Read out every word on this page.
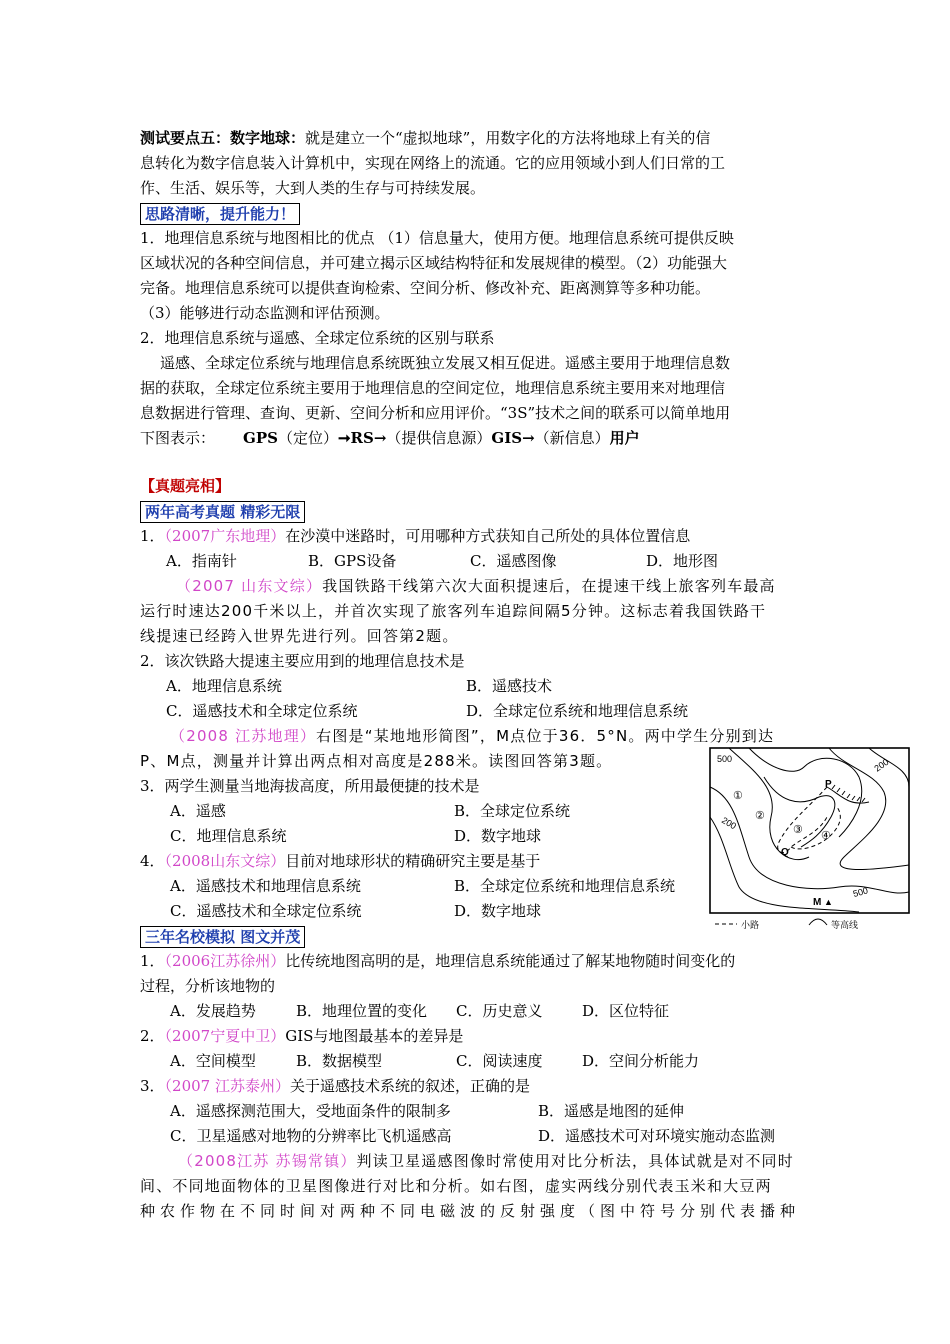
测试要点五：数字地球：就是建立一个“虚拟地球”，用数字化的方法将地球上有关的信
息转化为数字信息装入计算机中，实现在网络上的流通。它的应用领域小到人们日常的工
作、生活、娱乐等，大到人类的生存与可持续发展。
思路清晰，提升能力！
1．地理信息系统与地图相比的优点 （1）信息量大，使用方便。地理信息系统可提供反映
区域状况的各种空间信息，并可建立揭示区域结构特征和发展规律的模型。（2）功能强大
完备。地理信息系统可以提供查询检索、空间分析、修改补充、距离测算等多种功能。
（3）能够进行动态监测和评估预测。
2．地理信息系统与遥感、全球定位系统的区别与联系
遥感、全球定位系统与地理信息系统既独立发展又相互促进。遥感主要用于地理信息数
据的获取，全球定位系统主要用于地理信息的空间定位，地理信息系统主要用来对地理信
息数据进行管理、查询、更新、空间分析和应用评价。“3S”技术之间的联系可以简单地用
下图表示： GPS（定位）➞RS→（提供信息源）GIS→（新信息）用户
【真题亮相】
两年高考真题 精彩无限
1．（2007广东地理）在沙漠中迷路时，可用哪种方式获知自己所处的具体位置信息
A．指南针	B．GPS设备	C．遥感图像	D．地形图
（2007 山东文综）我国铁路干线第六次大面积提速后，在提速干线上旅客列车最高
运行时速达200千米以上，并首次实现了旅客列车追踪间隔5分钟。这标志着我国铁路干
线提速已经跨入世界先进行列。回答第2题。
2．该次铁路大提速主要应用到的地理信息技术是
A．地理信息系统	B．遥感技术
C．遥感技术和全球定位系统	D．全球定位系统和地理信息系统
（2008 江苏地理）右图是“某地地形简图”，M点位于36．5°N。两中学生分别到达
P、M点，测量并计算出两点相对高度是288米。读图回答第3题。
3．两学生测量当地海拔高度，所用最便捷的技术是
A．遥感	B．全球定位系统
C．地理信息系统	D．数字地球
4．（2008山东文综）目前对地球形状的精确研究主要是基于
A．遥感技术和地理信息系统	B．全球定位系统和地理信息系统
C．遥感技术和全球定位系统	D．数字地球
三年名校模拟 图文并茂
1．（2006江苏徐州）比传统地图高明的是，地理信息系统能通过了解某地物随时间变化的
过程，分析该地物的
A．发展趋势	B．地理位置的变化 C．历史意义	D．区位特征
2．（2007宁夏中卫）GIS与地图最基本的差异是
A．空间模型	B．数据模型	C．阅读速度	D．空间分析能力
3．（2007 江苏泰州）关于遥感技术系统的叙述，正确的是
A．遥感探测范围大，受地面条件的限制多	B．遥感是地图的延伸
C．卫星遥感对地物的分辨率比飞机遥感高	D．遥感技术可对环境实施动态监测
（2008江苏 苏锡常镇）判读卫星遥感图像时常使用对比分析法，具体试就是对不同时
间、不同地面物体的卫星图像进行对比和分析。如右图，虚实两线分别代表玉米和大豆两
种农作物在不同时间对两种不同电磁波的反射强度（图中符号分别代表播种
500	200
200
500
P
Q
M ▲
①
②
③ ④
小路	等高线
